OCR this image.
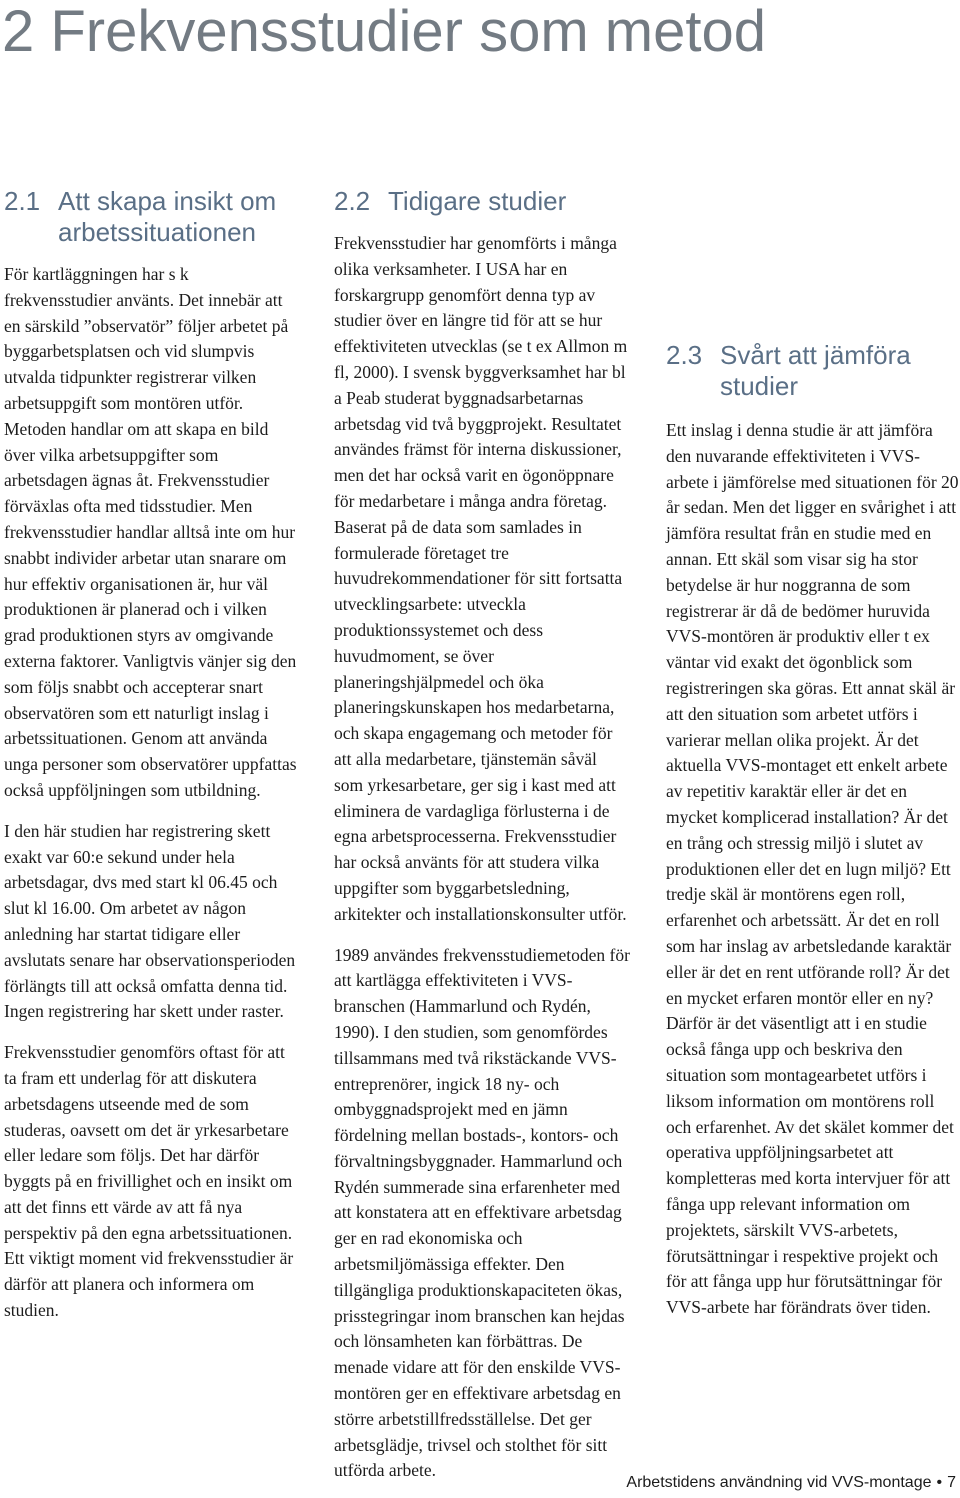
2 Frekvensstudier som metod
2.1 Att skapa insikt om arbetssituationen

För kartläggningen har s k frekvensstudier använts. Det innebär att en särskild ”observatör” följer arbetet på byggarbetsplatsen och vid slumpvis utvalda tidpunkter registrerar vilken arbetsuppgift som montören utför. Metoden handlar om att skapa en bild över vilka arbetsuppgifter som arbetsdagen ägnas åt. Frekvensstudier förväxlas ofta med tidsstudier. Men frekvensstudier handlar alltså inte om hur snabbt individer arbetar utan snarare om hur effektiv organisationen är, hur väl produktionen är planerad och i vilken grad produktionen styrs av omgivande externa faktorer. Vanligtvis vänjer sig den som följs snabbt och accepterar snart observatören som ett naturligt inslag i arbetssituationen. Genom att använda unga personer som observatörer uppfattas också uppföljningen som utbildning.

I den här studien har registrering skett exakt var 60:e sekund under hela arbetsdagar, dvs med start kl 06.45 och slut kl 16.00. Om arbetet av någon anledning har startat tidigare eller avslutats senare har observationsperioden förlängts till att också omfatta denna tid. Ingen registrering har skett under raster.

Frekvensstudier genomförs oftast för att ta fram ett underlag för att diskutera arbetsdagens utseende med de som studeras, oavsett om det är yrkesarbetare eller ledare som följs. Det har därför byggts på en frivillighet och en insikt om att det finns ett värde av att få nya perspektiv på den egna arbetssituationen. Ett viktigt moment vid frekvensstudier är därför att planera och informera om studien.

2.2 Tidigare studier

Frekvensstudier har genomförts i många olika verksamheter. I USA har en forskargrupp genomfört denna typ av studier över en längre tid för att se hur effektiviteten utvecklas (se t ex Allmon m fl, 2000). I svensk byggverksamhet har bl a Peab studerat byggnadsarbetarnas arbetsdag vid två byggprojekt. Resultatet användes främst för interna diskussioner, men det har också varit en ögonöppnare för medarbetare i många andra företag. Baserat på de data som samlades in formulerade företaget tre huvudrekommendationer för sitt fortsatta utvecklingsarbete: utveckla produktionssystemet och dess huvudmoment, se över planeringshjälpmedel och öka planeringskunskapen hos medarbetarna, och skapa engagemang och metoder för att alla medarbetare, tjänstemän såväl som yrkesarbetare, ger sig i kast med att eliminera de vardagliga förlusterna i de egna arbetsprocesserna. Frekvensstudier har också använts för att studera vilka uppgifter som byggarbetsledning, arkitekter och installationskonsulter utför.

1989 användes frekvensstudiemetoden för att kartlägga effektiviteten i VVS-branschen (Hammarlund och Rydén, 1990). I den studien, som genomfördes tillsammans med två rikstäckande VVS-entreprenörer, ingick 18 ny- och ombyggnadsprojekt med en jämn fördelning mellan bostads-, kontors- och förvaltningsbyggnader. Hammarlund och Rydén summerade sina erfarenheter med att konstatera att en effektivare arbetsdag ger en rad ekonomiska och arbetsmiljömässiga effekter. Den tillgängliga produktionskapaciteten ökas, prisstegringar inom branschen kan hejdas och lönsamheten kan förbättras. De menade vidare att för den enskilde VVS-montören ger en effektivare arbetsdag en större arbetstillfredsställelse. Det ger arbetsglädje, trivsel och stolthet för sitt utförda arbete.

2.3 Svårt att jämföra studier

Ett inslag i denna studie är att jämföra den nuvarande effektiviteten i VVS-arbete i jämförelse med situationen för 20 år sedan. Men det ligger en svårighet i att jämföra resultat från en studie med en annan. Ett skäl som visar sig ha stor betydelse är hur noggranna de som registrerar är då de bedömer huruvida VVS-montören är produktiv eller t ex väntar vid exakt det ögonblick som registreringen ska göras. Ett annat skäl är att den situation som arbetet utförs i varierar mellan olika projekt. Är det aktuella VVS-montaget ett enkelt arbete av repetitiv karaktär eller är det en mycket komplicerad installation? Är det en trång och stressig miljö i slutet av produktionen eller det en lugn miljö? Ett tredje skäl är montörens egen roll, erfarenhet och arbetssätt. Är det en roll som har inslag av arbetsledande karaktär eller är det en rent utförande roll? Är det en mycket erfaren montör eller en ny? Därför är det väsentligt att i en studie också fånga upp och beskriva den situation som montagearbetet utförs i liksom information om montörens roll och erfarenhet. Av det skälet kommer det operativa uppföljningsarbetet att kompletteras med korta intervjuer för att fånga upp relevant information om projektets, särskilt VVS-arbetets, förutsättningar i respektive projekt och för att fånga upp hur förutsättningar för VVS-arbete har förändrats över tiden.

Arbetstidens användning vid VVS-montage • 7
